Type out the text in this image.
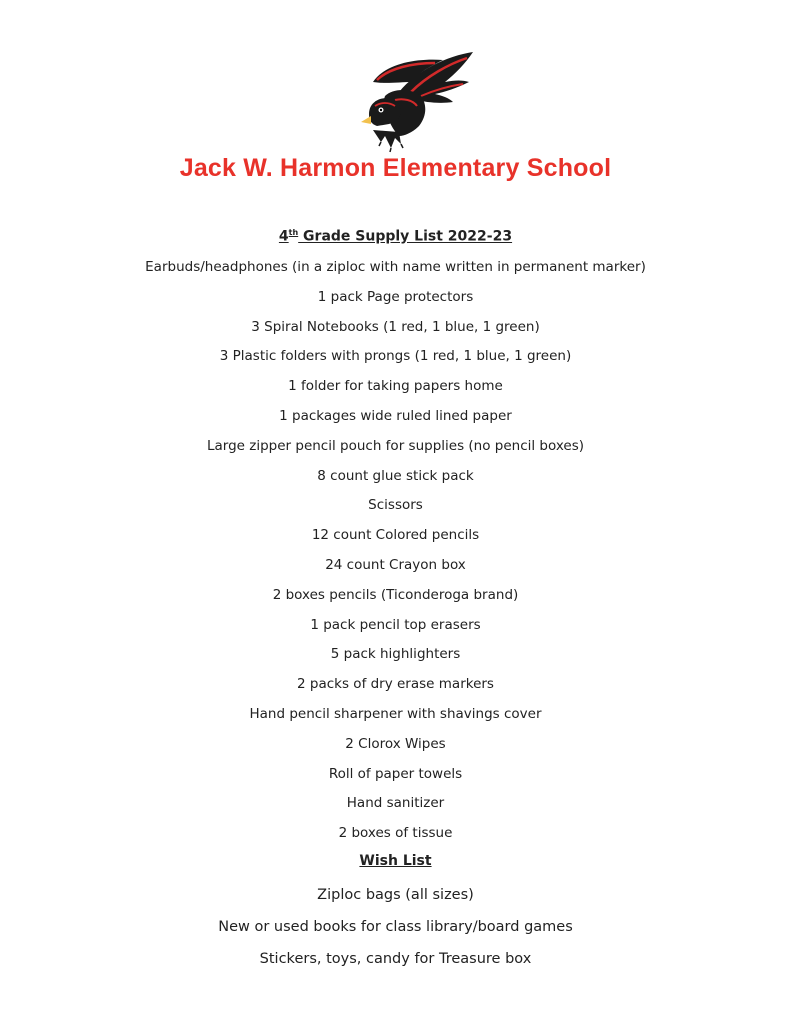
Jack W. Harmon Elementary School
4th Grade Supply List 2022-23
Earbuds/headphones (in a ziploc with name written in permanent marker)
1 pack Page protectors
3 Spiral Notebooks (1 red, 1 blue, 1 green)
3 Plastic folders with prongs (1 red, 1 blue, 1 green)
1 folder for taking papers home
1 packages wide ruled lined paper
Large zipper pencil pouch for supplies (no pencil boxes)
8 count glue stick pack
Scissors
12 count Colored pencils
24 count Crayon box
2 boxes pencils (Ticonderoga brand)
1 pack pencil top erasers
5 pack highlighters
2 packs of dry erase markers
Hand pencil sharpener with shavings cover
2 Clorox Wipes
Roll of paper towels
Hand sanitizer
2 boxes of tissue
Wish List
Ziploc bags (all sizes)
New or used books for class library/board games
Stickers, toys, candy for Treasure box
